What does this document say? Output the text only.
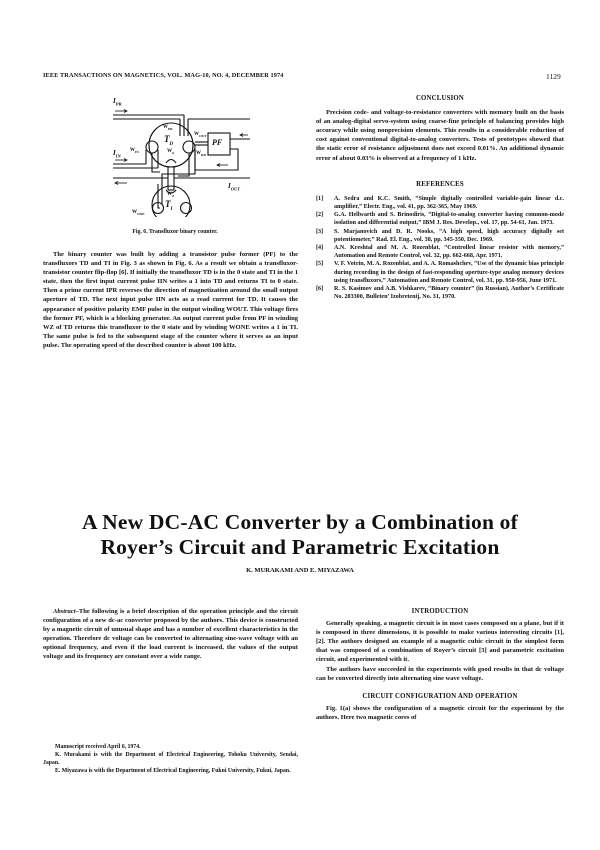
IEEE TRANSACTIONS ON MAGNETICS, VOL. MAG-10, NO. 4, DECEMBER 1974	1129
$I_{PR}$
$I_{IN}$
$I_{OUT}$
$W_{PR}$
$T_D$
$W_Z$
$W_{IN}$
$W_{OUT}$
$W_{RD}$
PF
$W_Z$
$T_I$
$W_{ONE}$
Fig. 6. Transfluxor binary counter.

The binary counter was built by adding a transistor pulse former (PF) to the transfluxors TD and TI in Fig. 3 as shown in Fig. 6. As a result we obtain a transfluxor-transistor counter flip-flop [6]. If initially the transfluxor TD is in the 0 state and TI in the 1 state, then the first input current pulse IIN writes a 1 into TD and returns TI to 0 state. Then a prime current IPR reverses the direction of magnetization around the small output aperture of TD. The next input pulse IIN acts as a read current for TD. It causes the appearance of positive polarity EMF pulse in the output winding WOUT. This voltage fires the former PF, which is a blocking generator. An output current pulse from PF in winding WZ of TD returns this transfluxor to the 0 state and by winding WONE writes a 1 in TI. The same pulse is fed to the subsequent stage of the counter where it serves as an input pulse. The operating speed of the described counter is about 100 kHz.

CONCLUSION

Precision code- and voltage-to-resistance converters with memory built on the basis of an analog-digital servo-system using coarse-fine principle of balancing provides high accuracy while using nonprecision elements. This results in a considerable reduction of cost against conventional digital-to-analog converters. Tests of prototypes showed that the static error of resistance adjustment does not exceed 0.01%. An additional dynamic error of about 0.03% is observed at a frequency of 1 kHz.

REFERENCES
[1]	A. Sedra and K.C. Smith, “Simple digitally controlled variable-gain linear d.c. amplifier,” Electr. Eng., vol. 41, pp. 362-365, May 1969.
[2]	G.A. Hellwarth and S. Brinodiris, “Digital-to-analog converter having common-mode isolation and differential output,” IBM J. Res. Develop., vol. 17, pp. 54-61, Jan. 1973.
[3]	S. Marjanovich and D. R. Nooks, “A high speed, high accuracy digitally set potentiometer,” Rad. El. Eng., vol. 38, pp. 345-350, Dec. 1969.
[4]	A.N. Kreshtal and M. A. Rozenblat, “Controlled linear resistor with memory,” Automation and Remote Control, vol. 32, pp. 662-668, Apr. 1971.
[5]	V. F. Votrin, M. A. Rozenblat, and A. A. Romashchev, “Use of the dynamic bias principle during recording in the design of fast-responding aperture-type analog memory devices using transfluxors,” Automation and Remote Control, vol. 31, pp. 950-956, June 1971.
[6]	R. S. Kasimov and A.B. Vishkarev, “Binary counter” (in Russian), Author’s Certificate No. 283300, Bulleten’ Izobretenij, No. 31, 1970.
A New DC-AC Converter by a Combination of
Royer’s Circuit and Parametric Excitation
K. MURAKAMI AND E. MIYAZAWA

Abstract–The following is a brief description of the operation principle and the circuit configuration of a new dc-ac converter proposed by the authors. This device is constructed by a magnetic circuit of unusual shape and has a number of excellent characteristics in the operation. Therefore dc voltage can be converted to alternating sine-wave voltage with an optional frequency, and even if the load current is increased, the values of the output voltage and its frequency are constant over a wide range.

Manuscript received April 6, 1974.

K. Murakami is with the Department of Electrical Engineering, Tohoku University, Sendai, Japan.

E. Miyazawa is with the Department of Electrical Engineering, Fukui University, Fukui, Japan.

INTRODUCTION

Generally speaking, a magnetic circuit is in most cases composed on a plane, but if it is composed in three dimensions, it is possible to make various interesting circuits [1], [2]. The authors designed an example of a magnetic cubic circuit in the simplest form that was composed of a combination of Royer’s circuit [3] and parametric excitation circuit, and experimented with it.

The authors have succeeded in the experiments with good results in that dc voltage can be converted directly into alternating sine wave voltage.

CIRCUIT CONFIGURATION AND OPERATION

Fig. 1(a) shows the configuration of a magnetic circuit for the experiment by the authors. Here two magnetic cores of
